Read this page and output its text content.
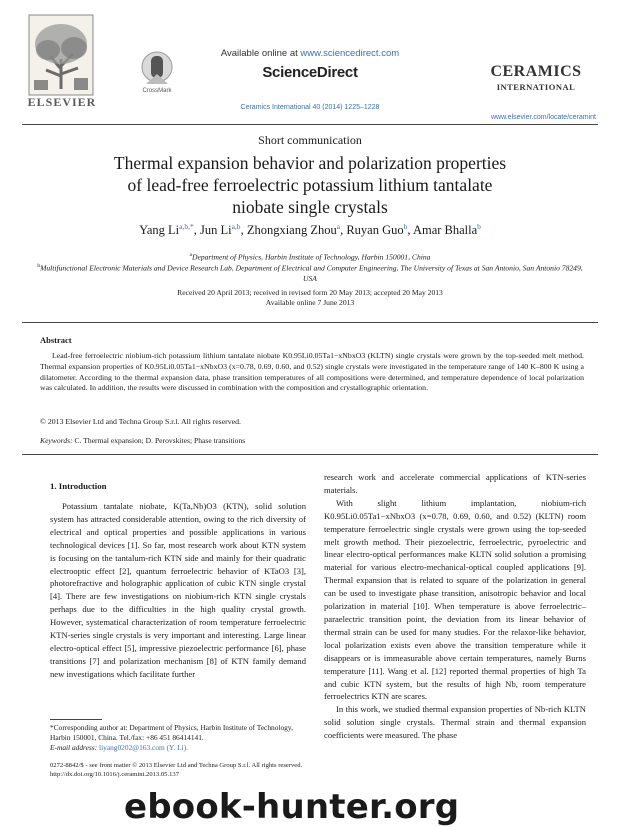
ELSEVIER
CrossMark
Available online at www.sciencedirect.com
ScienceDirect
Ceramics International 40 (2014) 1225–1228
CERAMICS
INTERNATIONAL
www.elsevier.com/locate/ceramint
Short communication
Thermal expansion behavior and polarization properties
of lead-free ferroelectric potassium lithium tantalate
niobate single crystals
Yang $Li^{a,b,*}$, Jun Li$^{a,b}$, Zhongxiang Zhou$^a$, Ruyan Guo$^b$, Amar Bhalla$^b$
$^a$Department of Physics, Harbin Institute of Technology, Harbin 150001, China
$^b$Multifunctional Electronic Materials and Device Research Lab, Department of Electrical and Computer Engineering, The University of Texas at San Antonio, San Antonio 78249, USA
Received 20 April 2013; received in revised form 20 May 2013; accepted 20 May 2013
Available online 7 June 2013
Abstract

Lead-free ferroelectric niobium-rich potassium lithium tantalate niobate K0.95Li0.05Ta1−xNbxO3 (KLTN) single crystals were grown by the top-seeded melt method. Thermal expansion properties of K0.95Li0.05Ta1−xNbxO3 (x=0.78, 0.69, 0.60, and 0.52) single crystals were investigated in the temperature range of 140 K–800 K using a dilatometer. According to the thermal expansion data, phase transition temperatures of all compositions were determined, and temperature dependence of local polarization was calculated. In addition, the results were discussed in combination with the composition and crystallographic orientation.

© 2013 Elsevier Ltd and Techna Group S.r.l. All rights reserved.
Keywords: C. Thermal expansion; D. Perovskites; Phase transitions
1. Introduction

Potassium tantalate niobate, K(Ta,Nb)O3 (KTN), solid solution system has attracted considerable attention, owing to the rich diversity of electrical and optical properties and possible applications in various technological devices [1]. So far, most research work about KTN system is focusing on the tantalum-rich KTN side and mainly for their quadratic electrooptic effect [2], quantum ferroelectric behavior of KTaO3 [3], photorefractive and holographic application of cubic KTN single crystal [4]. There are few investigations on niobium-rich KTN single crystals perhaps due to the difficulties in the high quality crystal growth. However, systematical characterization of room temperature ferroelectric KTN-series single crystals is very important and interesting. Large linear electro-optical effect [5], impressive piezoelectric performance [6], phase transitions [7] and polarization mechanism [8] of KTN family demand new investigations which facilitate further

research work and accelerate commercial applications of KTN-series materials.

With slight lithium implantation, niobium-rich K0.95Li0.05Ta1−xNbxO3 (x=0.78, 0.69, 0.60, and 0.52) (KLTN) room temperature ferroelectric single crystals were grown using the top-seeded melt growth method. Their piezoelectric, ferroelectric, pyroelectric and linear electro-optical performances make KLTN solid solution a promising material for various electro-mechanical-optical coupled applications [9]. Thermal expansion that is related to square of the polarization in general can be used to investigate phase transition, anisotropic behavior and local polarization in material [10]. When temperature is above ferroelectric–paraelectric transition point, the deviation from its linear behavior of thermal strain can be used for many studies. For the relaxor-like behavior, local polarization exists even above the transition temperature while it disappears or is immeasurable above certain temperatures, namely Burns temperature [11]. Wang et al. [12] reported thermal properties of high Ta and cubic KTN system, but the results of high Nb, room temperature ferroelectrics KTN are scares.

In this work, we studied thermal expansion properties of Nb-rich KLTN solid solution single crystals. Thermal strain and thermal expansion coefficients were measured. The phase

*Corresponding author at: Department of Physics, Harbin Institute of Technology, Harbin 150001, China. Tel./fax: +86 451 86414141.
E-mail address: liyang0202@163.com (Y. Li).
0272-8842/$ - see front matter © 2013 Elsevier Ltd and Techna Group S.r.l. All rights reserved.
http://dx.doi.org/10.1016/j.ceramint.2013.05.137
ebook-hunter.org
